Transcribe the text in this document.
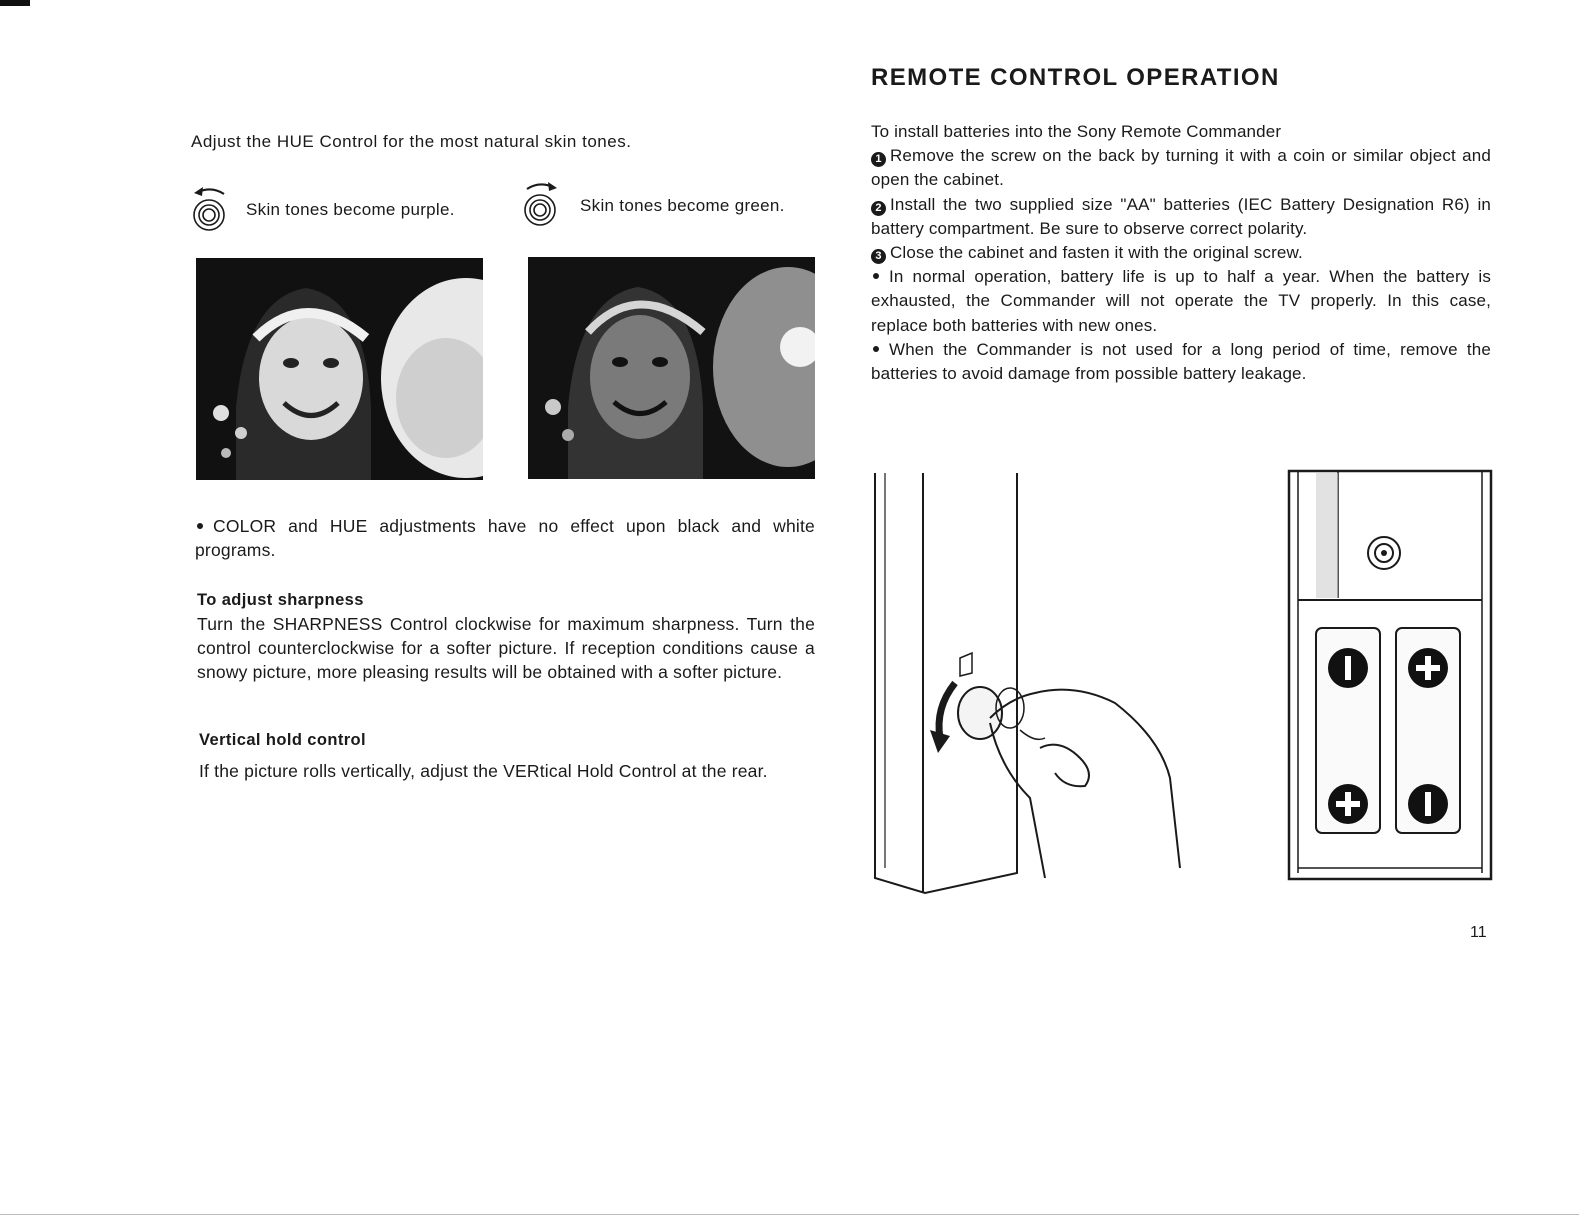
Adjust the HUE Control for the most natural skin tones.
Skin tones become purple.	Skin tones become green.
COLOR and HUE adjustments have no effect upon black and white programs.

To adjust sharpness

Turn the SHARPNESS Control clockwise for maximum sharpness. Turn the control counterclockwise for a softer picture. If reception conditions cause a snowy picture, more pleasing results will be obtained with a softer picture.

Vertical hold control

If the picture rolls vertically, adjust the VERtical Hold Control at the rear.

REMOTE CONTROL OPERATION

To install batteries into the Sony Remote Commander

1 Remove the screw on the back by turning it with a coin or similar object and open the cabinet.

2 Install the two supplied size "AA" batteries (IEC Battery Designation R6) in battery compartment. Be sure to observe correct polarity.

3 Close the cabinet and fasten it with the original screw.

In normal operation, battery life is up to half a year. When the battery is exhausted, the Commander will not operate the TV properly. In this case, replace both batteries with new ones.

When the Commander is not used for a long period of time, remove the batteries to avoid damage from possible battery leakage.

11
